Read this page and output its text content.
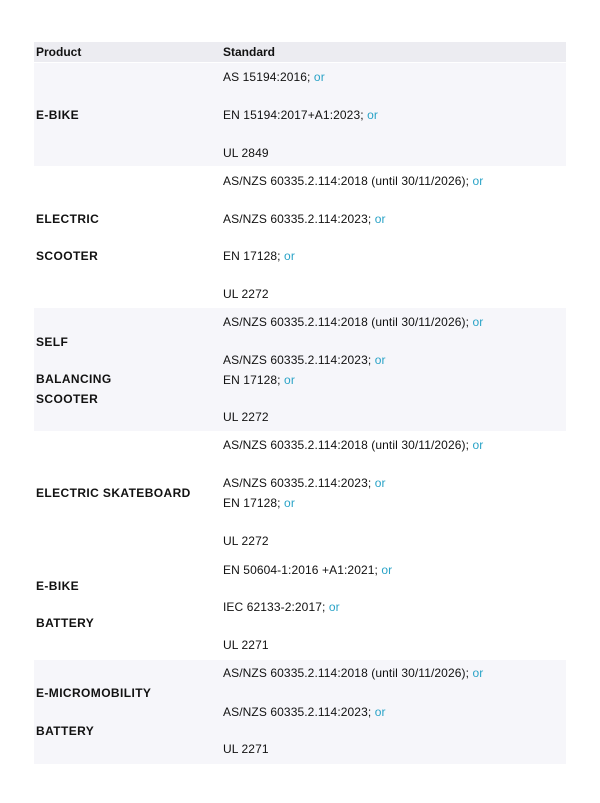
Product	Standard
E-BIKE
AS 15194:2016; or
EN 15194:2017+A1:2023; or
UL 2849
ELECTRIC
SCOOTER
AS/NZS 60335.2.114:2018 (until 30/11/2026); or
AS/NZS 60335.2.114:2023; or
EN 17128; or
UL 2272
SELF
BALANCING
SCOOTER
AS/NZS 60335.2.114:2018 (until 30/11/2026); or
AS/NZS 60335.2.114:2023; or
EN 17128; or
UL 2272
ELECTRIC SKATEBOARD
AS/NZS 60335.2.114:2018 (until 30/11/2026); or
AS/NZS 60335.2.114:2023; or
EN 17128; or
UL 2272
E-BIKE
BATTERY
EN 50604-1:2016 +A1:2021; or
IEC 62133-2:2017; or
UL 2271
E-MICROMOBILITY
BATTERY
AS/NZS 60335.2.114:2018 (until 30/11/2026); or
AS/NZS 60335.2.114:2023; or
UL 2271
